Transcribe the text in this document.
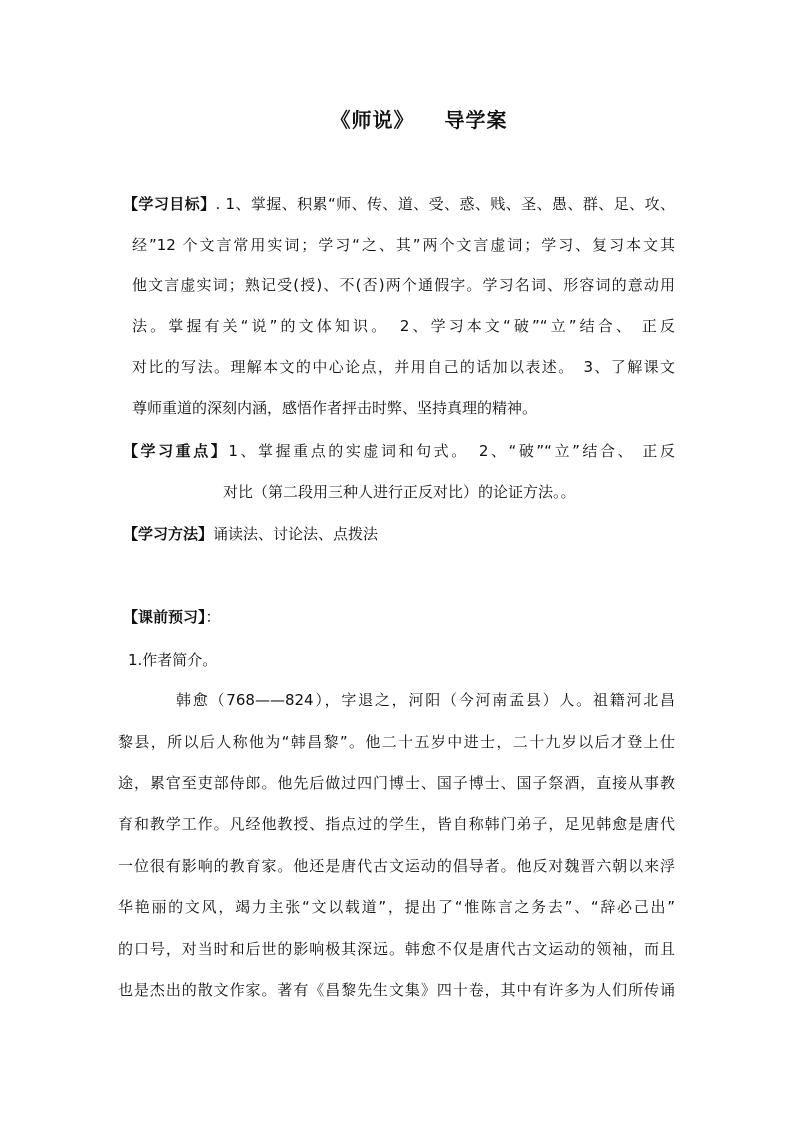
《师说》 导学案
【学习目标】. 1、掌握、积累“师、传、道、受、惑、贱、圣、愚、群、足、攻、
经”12 个文言常用实词；学习“之、其”两个文言虚词；学习、复习本文其
他文言虚实词；熟记受(授)、不(否)两个通假字。学习名词、形容词的意动用
法。掌握有关“说”的文体知识。　2、学习本文“破”“立”结合、 正反
对比的写法。理解本文的中心论点，并用自己的话加以表述。　3、了解课文
尊师重道的深刻内涵，感悟作者抨击时弊、坚持真理的精神。
【学习重点】1、掌握重点的实虚词和句式。　2、“破”“立”结合、 正反
对比（第二段用三种人进行正反对比）的论证方法。。
【学习方法】诵读法、讨论法、点拨法
【课前预习】：
1.作者简介。
韩愈（768——824），字退之，河阳（今河南孟县）人。祖籍河北昌
黎县，所以后人称他为“韩昌黎”。他二十五岁中进士，二十九岁以后才登上仕
途，累官至吏部侍郎。他先后做过四门博士、国子博士、国子祭酒，直接从事教
育和教学工作。凡经他教授、指点过的学生，皆自称韩门弟子，足见韩愈是唐代
一位很有影响的教育家。他还是唐代古文运动的倡导者。他反对魏晋六朝以来浮
华艳丽的文风，竭力主张“文以载道”，提出了“惟陈言之务去”、“辞必己出”
的口号，对当时和后世的影响极其深远。韩愈不仅是唐代古文运动的领袖，而且
也是杰出的散文作家。著有《昌黎先生文集》四十卷，其中有许多为人们所传诵
